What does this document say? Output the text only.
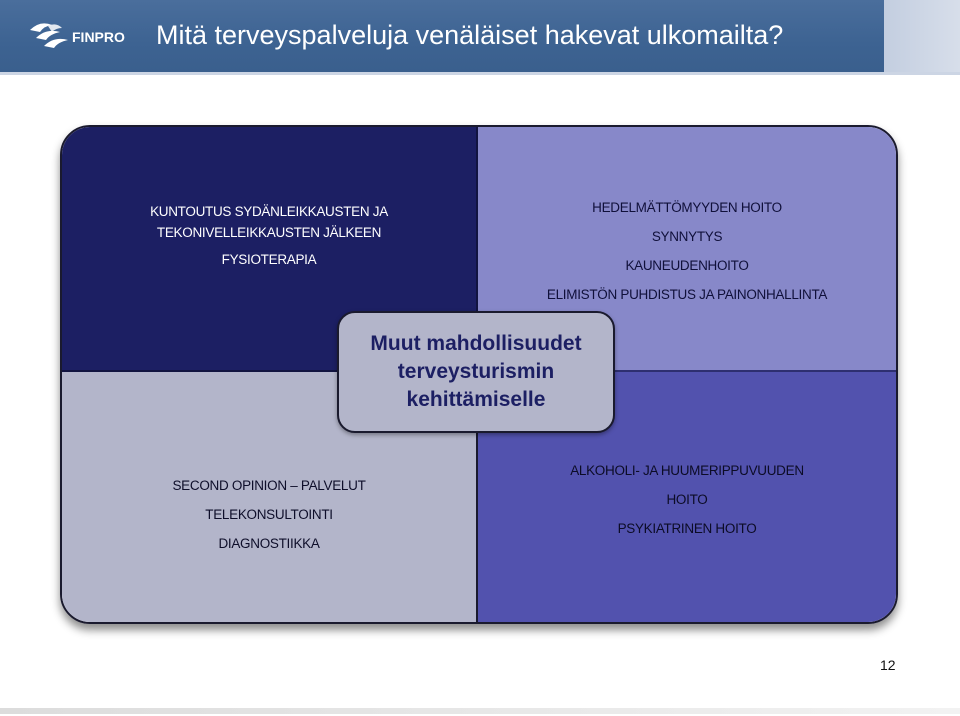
FINPRO Mitä terveyspalveluja venäläiset hakevat ulkomailta?
KUNTOUTUS SYDÄNLEIKKAUSTEN JA
TEKONIVELLEIKKAUSTEN JÄLKEEN
FYSIOTERAPIA
HEDELMÄTTÖMYYDEN HOITO
SYNNYTYS
KAUNEUDENHOITO
ELIMISTÖN PUHDISTUS JA PAINONHALLINTA
SECOND OPINION – PALVELUT
TELEKONSULTOINTI
DIAGNOSTIIKKA
ALKOHOLI- JA HUUMERIPPUVUUDEN
HOITO
PSYKIATRINEN HOITO
Muut mahdollisuudet
terveysturismin
kehittämiselle
12
